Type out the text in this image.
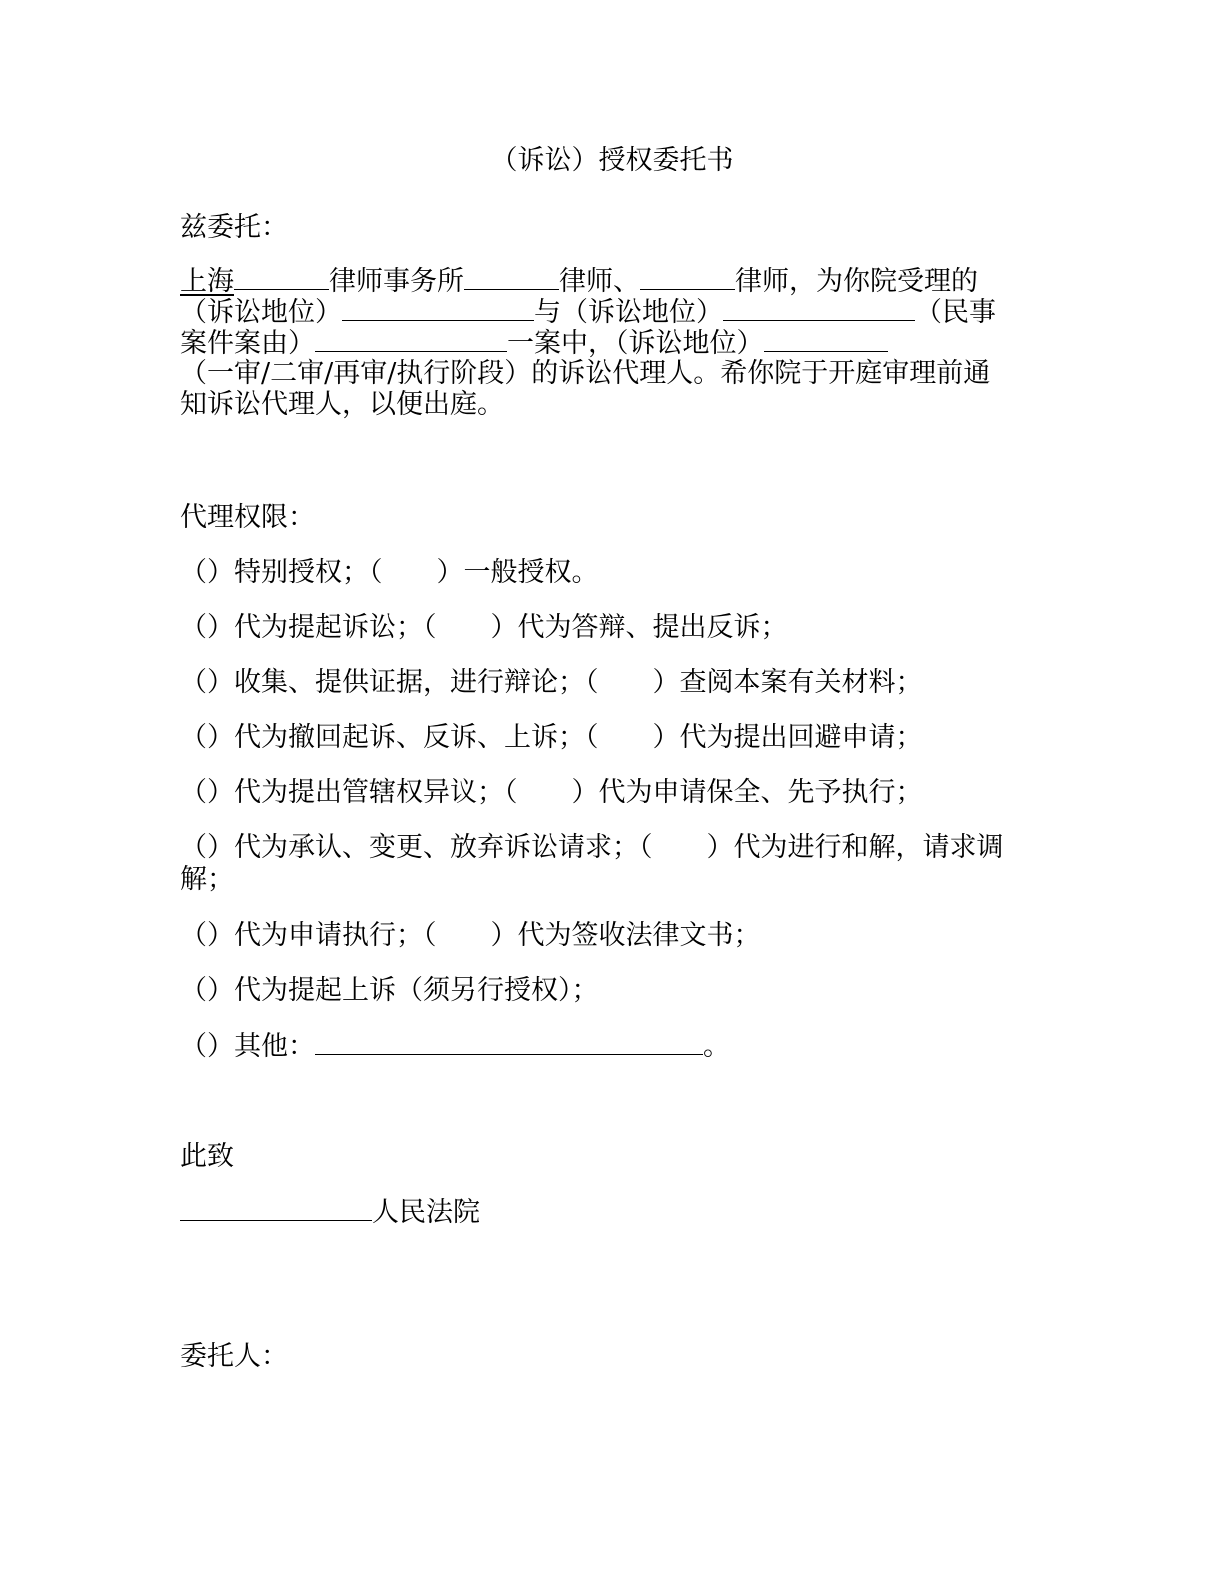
（诉讼）授权委托书
兹委托：
上海	律师事务所	律师、	律师，为你院受理的
（诉讼地位）	与（诉讼地位）	（民事
案件案由）	一案中，（诉讼地位）
（一审/二审/再审/执行阶段）的诉讼代理人。希你院于开庭审理前通
知诉讼代理人，以便出庭。
代理权限：
（）特别授权；（　　）一般授权。
（）代为提起诉讼；（　　）代为答辩、提出反诉；
（）收集、提供证据，进行辩论；（　　）查阅本案有关材料；
（）代为撤回起诉、反诉、上诉；（　　）代为提出回避申请；
（）代为提出管辖权异议；（　　）代为申请保全、先予执行；
（）代为承认、变更、放弃诉讼请求；（　　）代为进行和解，请求调
解；
（）代为申请执行；（　　）代为签收法律文书；
（）代为提起上诉（须另行授权）；
（）其他：	。
此致
人民法院
委托人：
